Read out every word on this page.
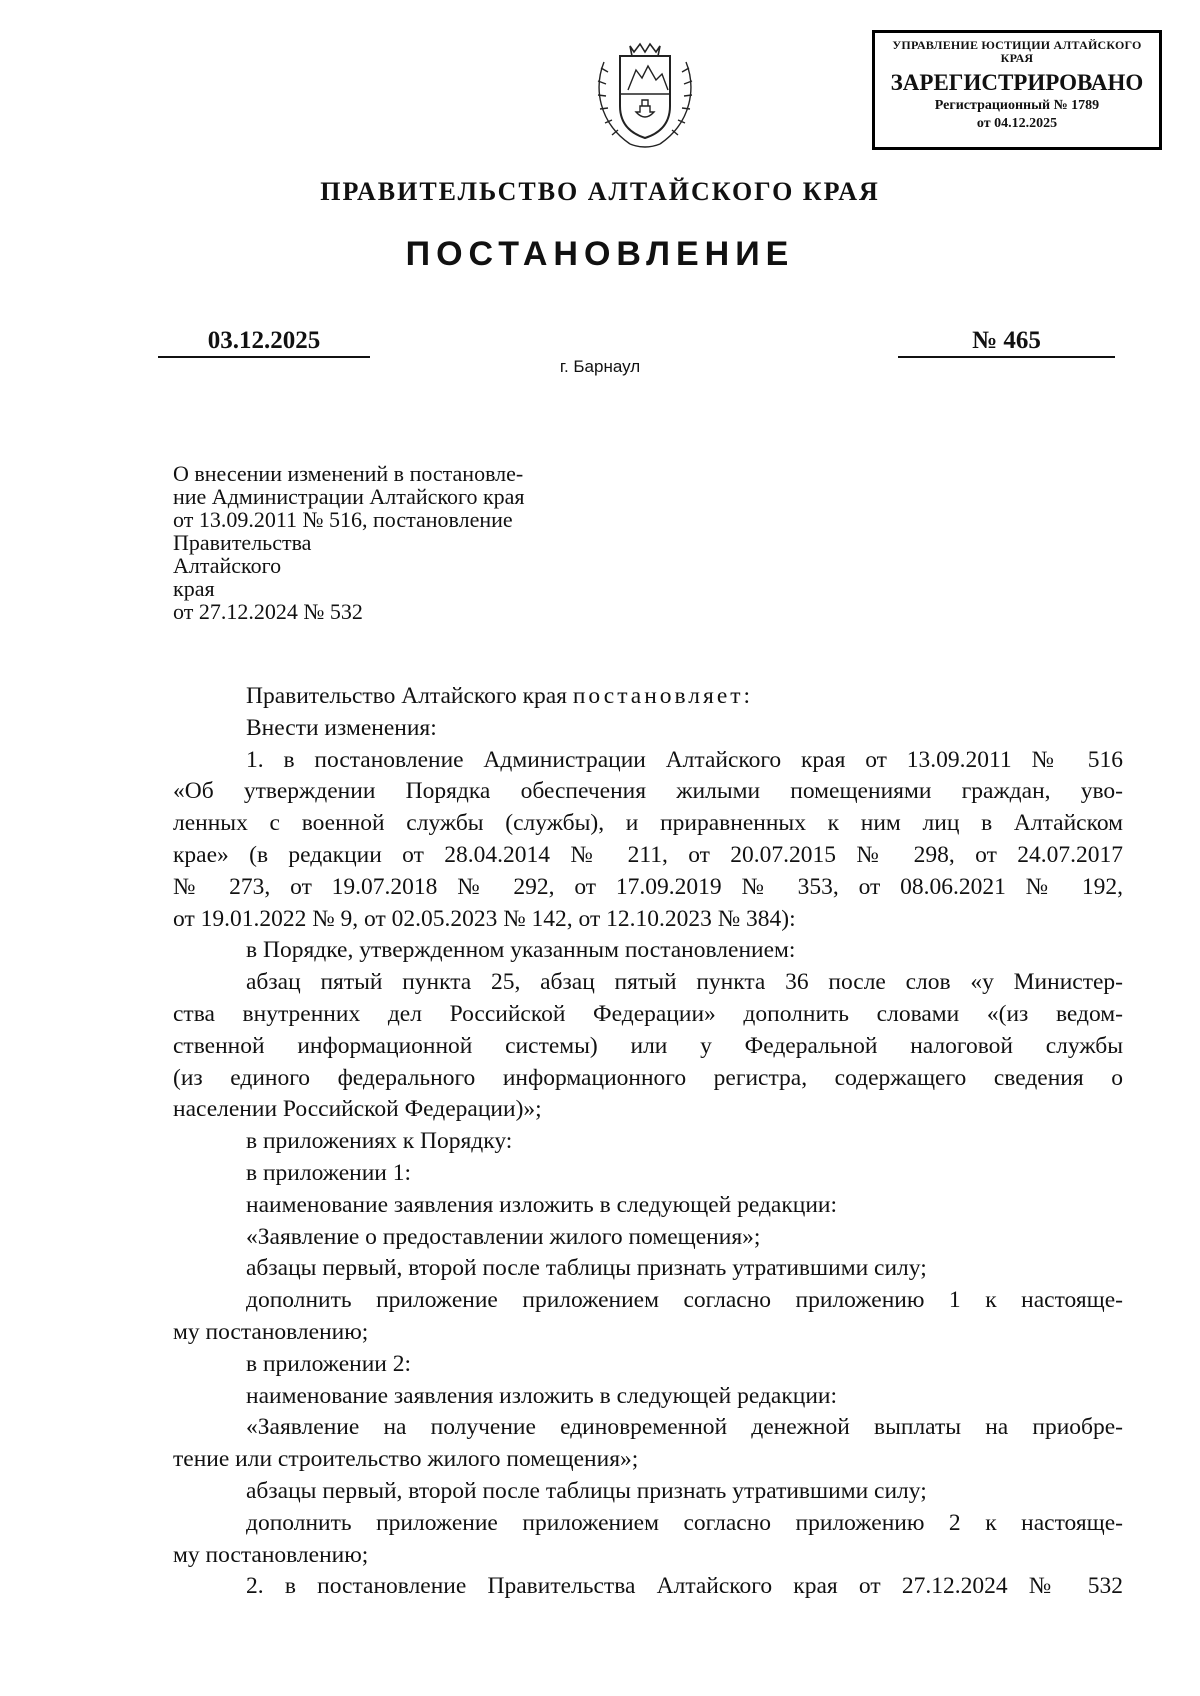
УПРАВЛЕНИЕ ЮСТИЦИИ АЛТАЙСКОГО КРАЯ
ЗАРЕГИСТРИРОВАНО
Регистрационный № 1789
от 04.12.2025
ПРАВИТЕЛЬСТВО АЛТАЙСКОГО КРАЯ
ПОСТАНОВЛЕНИЕ
03.12.2025	№ 465
г. Барнаул
О внесении изменений в постановле-
ние Администрации Алтайского края
от 13.09.2011 № 516, постановление
Правительства
Алтайского
края
от 27.12.2024 № 532

Правительство Алтайского края постановляет:

Внести изменения:

1. в постановление Администрации Алтайского края от 13.09.2011 № 516

«Об утверждении Порядка обеспечения жилыми помещениями граждан, уво-

ленных с военной службы (службы), и приравненных к ним лиц в Алтайском

крае» (в редакции от 28.04.2014 № 211, от 20.07.2015 № 298, от 24.07.2017

№ 273, от 19.07.2018 № 292, от 17.09.2019 № 353, от 08.06.2021 № 192,

от 19.01.2022 № 9, от 02.05.2023 № 142, от 12.10.2023 № 384):

в Порядке, утвержденном указанным постановлением:

абзац пятый пункта 25, абзац пятый пункта 36 после слов «у Министер-

ства внутренних дел Российской Федерации» дополнить словами «(из ведом-

ственной информационной системы) или у Федеральной налоговой службы

(из единого федерального информационного регистра, содержащего сведения о

населении Российской Федерации)»;

в приложениях к Порядку:

в приложении 1:

наименование заявления изложить в следующей редакции:

«Заявление о предоставлении жилого помещения»;

абзацы первый, второй после таблицы признать утратившими силу;

дополнить приложение приложением согласно приложению 1 к настояще-

му постановлению;

в приложении 2:

наименование заявления изложить в следующей редакции:

«Заявление на получение единовременной денежной выплаты на приобре-

тение или строительство жилого помещения»;

абзацы первый, второй после таблицы признать утратившими силу;

дополнить приложение приложением согласно приложению 2 к настояще-

му постановлению;

2. в постановление Правительства Алтайского края от 27.12.2024 № 532
